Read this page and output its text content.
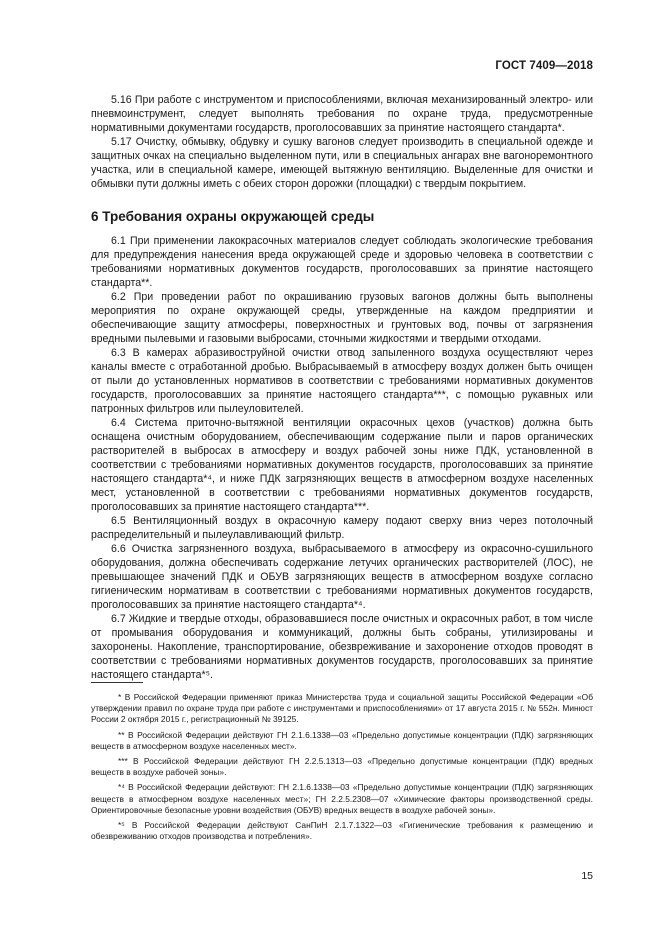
ГОСТ 7409—2018

5.16 При работе с инструментом и приспособлениями, включая механизированный электро- или пневмоинструмент, следует выполнять требования по охране труда, предусмотренные нормативными документами государств, проголосовавших за принятие настоящего стандарта*.

5.17 Очистку, обмывку, обдувку и сушку вагонов следует производить в специальной одежде и защитных очках на специально выделенном пути, или в специальных ангарах вне вагоноремонтного участка, или в специальной камере, имеющей вытяжную вентиляцию. Выделенные для очистки и обмывки пути должны иметь с обеих сторон дорожки (площадки) с твердым покрытием.

6 Требования охраны окружающей среды

6.1 При применении лакокрасочных материалов следует соблюдать экологические требования для предупреждения нанесения вреда окружающей среде и здоровью человека в соответствии с требованиями нормативных документов государств, проголосовавших за принятие настоящего стандарта**.

6.2 При проведении работ по окрашиванию грузовых вагонов должны быть выполнены мероприятия по охране окружающей среды, утвержденные на каждом предприятии и обеспечивающие защиту атмосферы, поверхностных и грунтовых вод, почвы от загрязнения вредными пылевыми и газовыми выбросами, сточными жидкостями и твердыми отходами.

6.3 В камерах абразивоструйной очистки отвод запыленного воздуха осуществляют через каналы вместе с отработанной дробью. Выбрасываемый в атмосферу воздух должен быть очищен от пыли до установленных нормативов в соответствии с требованиями нормативных документов государств, проголосовавших за принятие настоящего стандарта***, с помощью рукавных или патронных фильтров или пылеуловителей.

6.4 Система приточно-вытяжной вентиляции окрасочных цехов (участков) должна быть оснащена очистным оборудованием, обеспечивающим содержание пыли и паров органических растворителей в выбросах в атмосферу и воздух рабочей зоны ниже ПДК, установленной в соответствии с требованиями нормативных документов государств, проголосовавших за принятие настоящего стандарта*⁴, и ниже ПДК загрязняющих веществ в атмосферном воздухе населенных мест, установленной в соответствии с требованиями нормативных документов государств, проголосовавших за принятие настоящего стандарта***.

6.5 Вентиляционный воздух в окрасочную камеру подают сверху вниз через потолочный распределительный и пылеулавливающий фильтр.

6.6 Очистка загрязненного воздуха, выбрасываемого в атмосферу из окрасочно-сушильного оборудования, должна обеспечивать содержание летучих органических растворителей (ЛОС), не превышающее значений ПДК и ОБУВ загрязняющих веществ в атмосферном воздухе согласно гигиеническим нормативам в соответствии с требованиями нормативных документов государств, проголосовавших за принятие настоящего стандарта*⁴.

6.7 Жидкие и твердые отходы, образовавшиеся после очистных и окрасочных работ, в том числе от промывания оборудования и коммуникаций, должны быть собраны, утилизированы и захоронены. Накопление, транспортирование, обезвреживание и захоронение отходов проводят в соответствии с требованиями нормативных документов государств, проголосовавших за принятие настоящего стандарта*⁵.

* В Российской Федерации применяют приказ Министерства труда и социальной защиты Российской Федерации «Об утверждении правил по охране труда при работе с инструментами и приспособлениями» от 17 августа 2015 г. № 552н. Минюст России 2 октября 2015 г., регистрационный № 39125.

** В Российской Федерации действуют ГН 2.1.6.1338—03 «Предельно допустимые концентрации (ПДК) загрязняющих веществ в атмосферном воздухе населенных мест».

*** В Российской Федерации действуют ГН 2.2.5.1313—03 «Предельно допустимые концентрации (ПДК) вредных веществ в воздухе рабочей зоны».

*⁴ В Российской Федерации действуют: ГН 2.1.6.1338—03 «Предельно допустимые концентрации (ПДК) загрязняющих веществ в атмосферном воздухе населенных мест»; ГН 2.2.5.2308—07 «Химические факторы производственной среды. Ориентировочные безопасные уровни воздействия (ОБУВ) вредных веществ в воздухе рабочей зоны».

*⁵ В Российской Федерации действуют СанПиН 2.1.7.1322—03 «Гигиенические требования к размещению и обезвреживанию отходов производства и потребления».

15
